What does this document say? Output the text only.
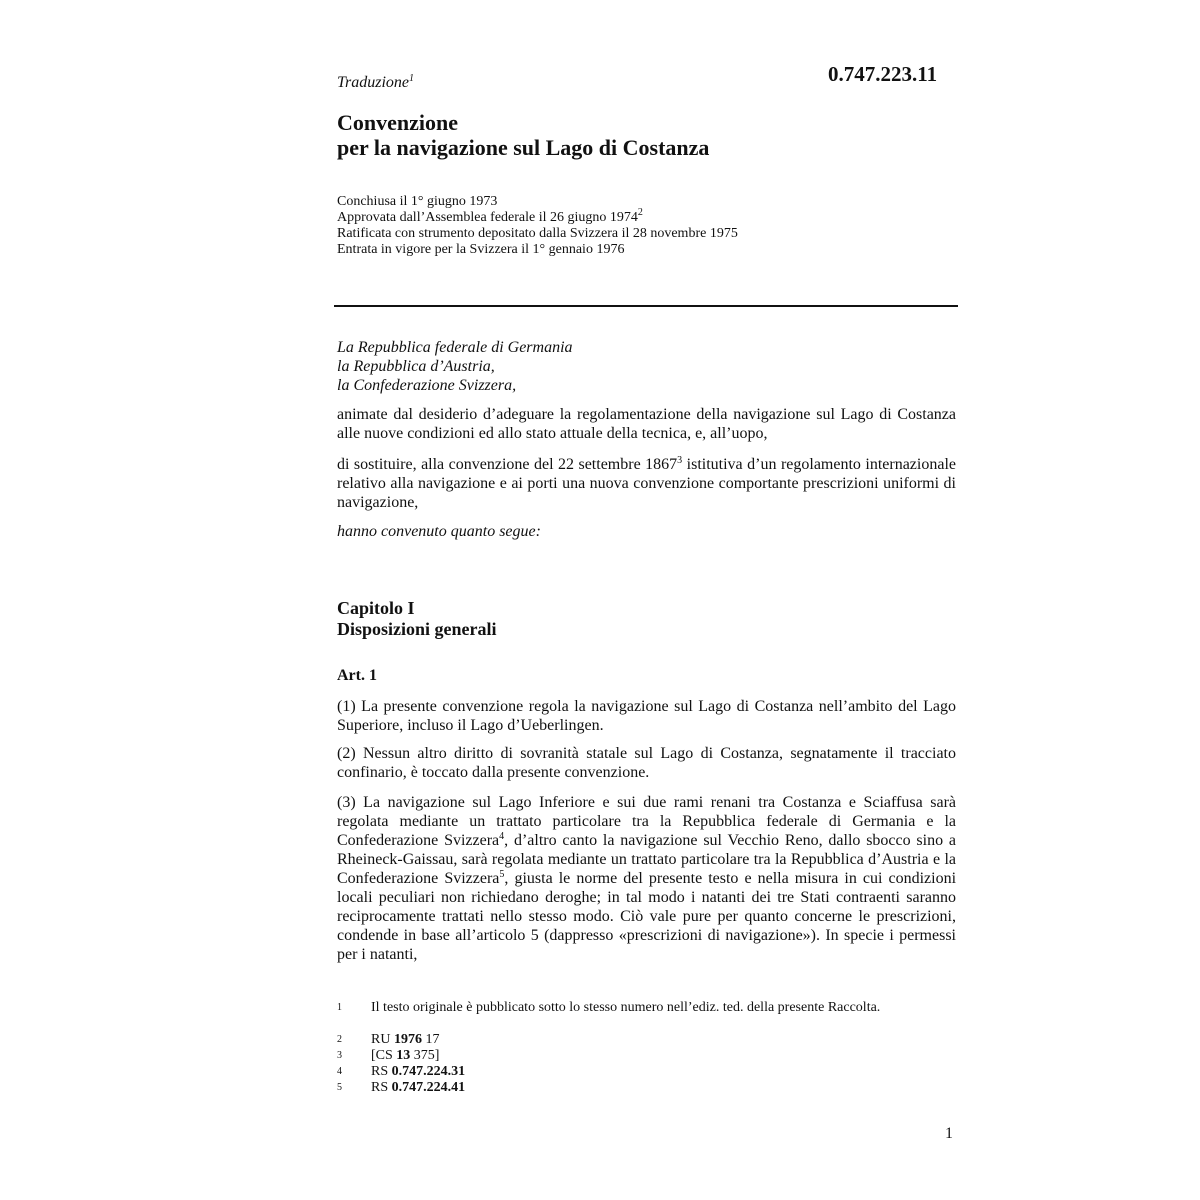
Traduzione$^1$	0.747.223.11
Convenzione
per la navigazione sul Lago di Costanza
Conchiusa il 1° giugno 1973
Approvata dall’Assemblea federale il 26 giugno 1974$^2$
Ratificata con strumento depositato dalla Svizzera il 28 novembre 1975
Entrata in vigore per la Svizzera il 1° gennaio 1976
La Repubblica federale di Germania
la Repubblica d’Austria,
la Confederazione Svizzera,
animate dal desiderio d’adeguare la regolamentazione della navigazione sul Lago di Costanza alle nuove condizioni ed allo stato attuale della tecnica, e, all’uopo,
di sostituire, alla convenzione del 22 settembre 1867$^3$ istitutiva d’un regolamento internazionale relativo alla navigazione e ai porti una nuova convenzione comportante prescrizioni uniformi di navigazione,
hanno convenuto quanto segue:
Capitolo I
Disposizioni generali
Art. 1
(1) La presente convenzione regola la navigazione sul Lago di Costanza nell’ambito del Lago Superiore, incluso il Lago d’Ueberlingen.
(2) Nessun altro diritto di sovranità statale sul Lago di Costanza, segnatamente il tracciato confinario, è toccato dalla presente convenzione.
(3) La navigazione sul Lago Inferiore e sui due rami renani tra Costanza e Sciaffusa sarà regolata mediante un trattato particolare tra la Repubblica federale di Germania e la Confederazione Svizzera$^4$, d’altro canto la navigazione sul Vecchio Reno, dallo sbocco sino a Rheineck-Gaissau, sarà regolata mediante un trattato particolare tra la Repubblica d’Austria e la Confederazione Svizzera$^5$, giusta le norme del presente testo e nella misura in cui condizioni locali peculiari non richiedano deroghe; in tal modo i natanti dei tre Stati contraenti saranno reciprocamente trattati nello stesso modo. Ciò vale pure per quanto concerne le prescrizioni, condende in base all’articolo 5 (dappresso «prescrizioni di navigazione»). In specie i permessi per i natanti,
1 Il testo originale è pubblicato sotto lo stesso numero nell’ediz. ted. della presente Raccolta.
2 RU 1976 17
3 [CS 13 375]
4 RS 0.747.224.31
5 RS 0.747.224.41
1
